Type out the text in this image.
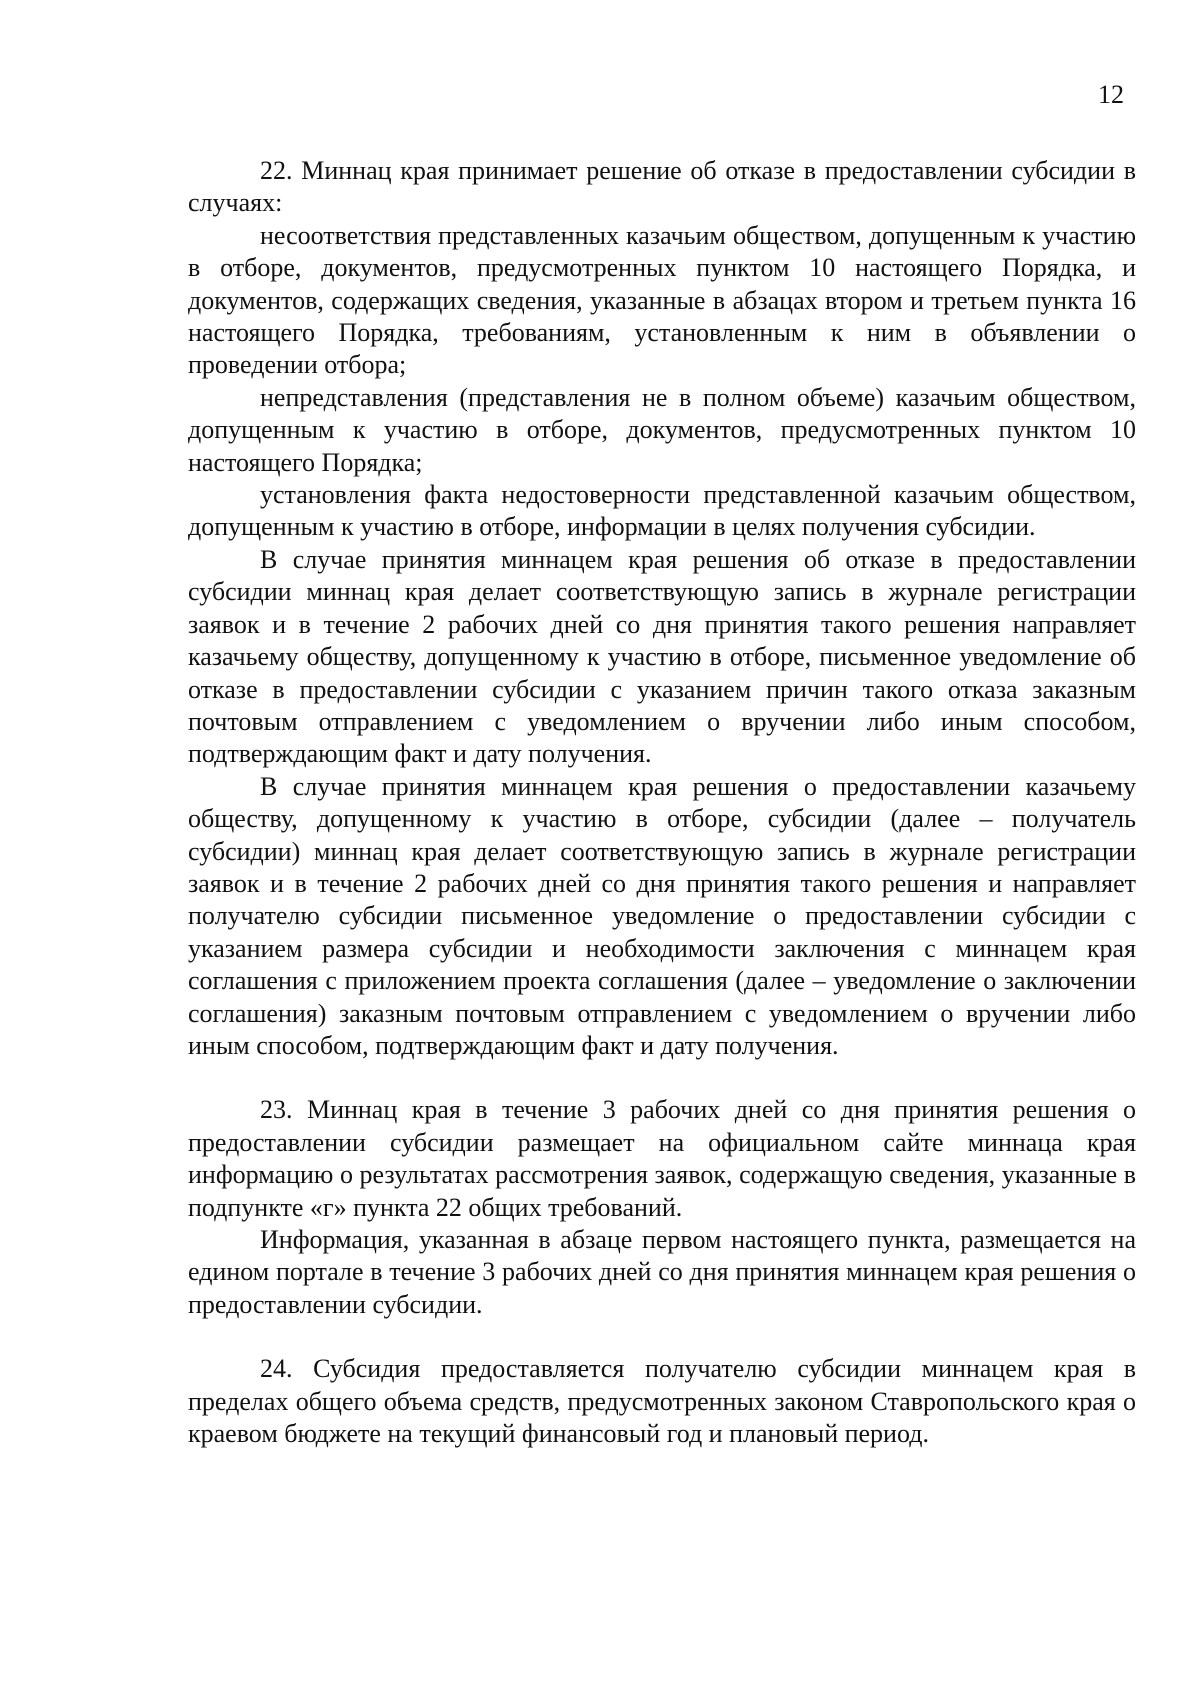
12

22. Миннац края принимает решение об отказе в предоставлении субсидии в случаях:

несоответствия представленных казачьим обществом, допущенным к участию в отборе, документов, предусмотренных пунктом 10 настоящего Порядка, и документов, содержащих сведения, указанные в абзацах втором и третьем пункта 16 настоящего Порядка, требованиям, установленным к ним в объявлении о проведении отбора;

непредставления (представления не в полном объеме) казачьим обществом, допущенным к участию в отборе, документов, предусмотренных пунктом 10 настоящего Порядка;

установления факта недостоверности представленной казачьим обществом, допущенным к участию в отборе, информации в целях получения субсидии.

В случае принятия миннацем края решения об отказе в предоставлении субсидии миннац края делает соответствующую запись в журнале регистрации заявок и в течение 2 рабочих дней со дня принятия такого решения направляет казачьему обществу, допущенному к участию в отборе, письменное уведомление об отказе в предоставлении субсидии с указанием причин такого отказа заказным почтовым отправлением с уведомлением о вручении либо иным способом, подтверждающим факт и дату получения.

В случае принятия миннацем края решения о предоставлении казачьему обществу, допущенному к участию в отборе, субсидии (далее – получатель субсидии) миннац края делает соответствующую запись в журнале регистрации заявок и в течение 2 рабочих дней со дня принятия такого решения и направляет получателю субсидии письменное уведомление о предоставлении субсидии с указанием размера субсидии и необходимости заключения с миннацем края соглашения с приложением проекта соглашения (далее – уведомление о заключении соглашения) заказным почтовым отправлением с уведомлением о вручении либо иным способом, подтверждающим факт и дату получения.

23. Миннац края в течение 3 рабочих дней со дня принятия решения о предоставлении субсидии размещает на официальном сайте миннаца края информацию о результатах рассмотрения заявок, содержащую сведения, указанные в подпункте «г» пункта 22 общих требований.

Информация, указанная в абзаце первом настоящего пункта, размещается на едином портале в течение 3 рабочих дней со дня принятия миннацем края решения о предоставлении субсидии.

24. Субсидия предоставляется получателю субсидии миннацем края в пределах общего объема средств, предусмотренных законом Ставропольского края о краевом бюджете на текущий финансовый год и плановый период.
